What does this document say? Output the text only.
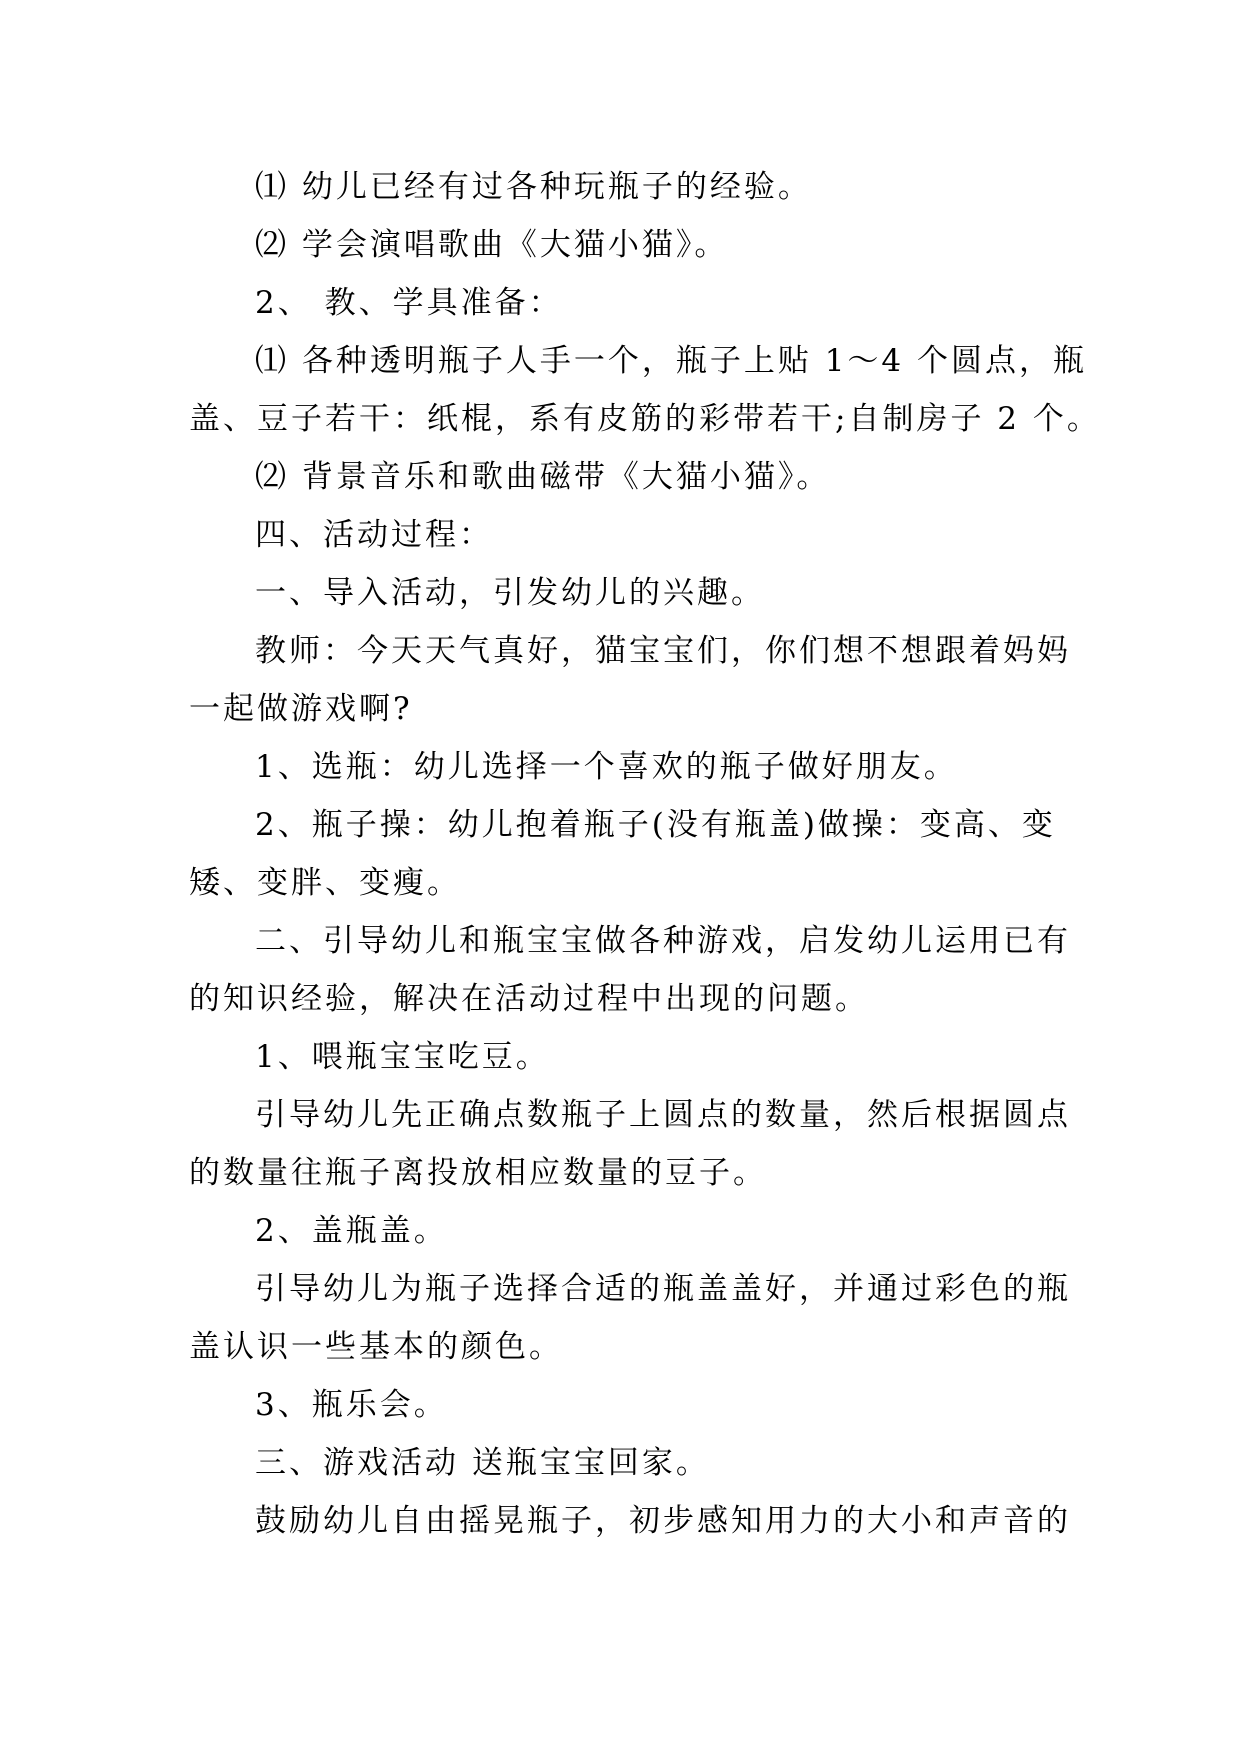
⑴ 幼儿已经有过各种玩瓶子的经验。

⑵ 学会演唱歌曲《大猫小猫》。

2、 教、学具准备：

⑴ 各种透明瓶子人手一个，瓶子上贴 1～4 个圆点，瓶

盖、豆子若干：纸棍，系有皮筋的彩带若干;自制房子 2 个。

⑵ 背景音乐和歌曲磁带《大猫小猫》。

四、活动过程：

一、导入活动，引发幼儿的兴趣。

教师：今天天气真好，猫宝宝们，你们想不想跟着妈妈

一起做游戏啊?

1、选瓶：幼儿选择一个喜欢的瓶子做好朋友。

2、瓶子操：幼儿抱着瓶子(没有瓶盖)做操：变高、变

矮、变胖、变瘦。

二、引导幼儿和瓶宝宝做各种游戏，启发幼儿运用已有

的知识经验，解决在活动过程中出现的问题。

1、喂瓶宝宝吃豆。

引导幼儿先正确点数瓶子上圆点的数量，然后根据圆点

的数量往瓶子离投放相应数量的豆子。

2、盖瓶盖。

引导幼儿为瓶子选择合适的瓶盖盖好，并通过彩色的瓶

盖认识一些基本的颜色。

3、瓶乐会。

三、游戏活动 送瓶宝宝回家。

鼓励幼儿自由摇晃瓶子，初步感知用力的大小和声音的
